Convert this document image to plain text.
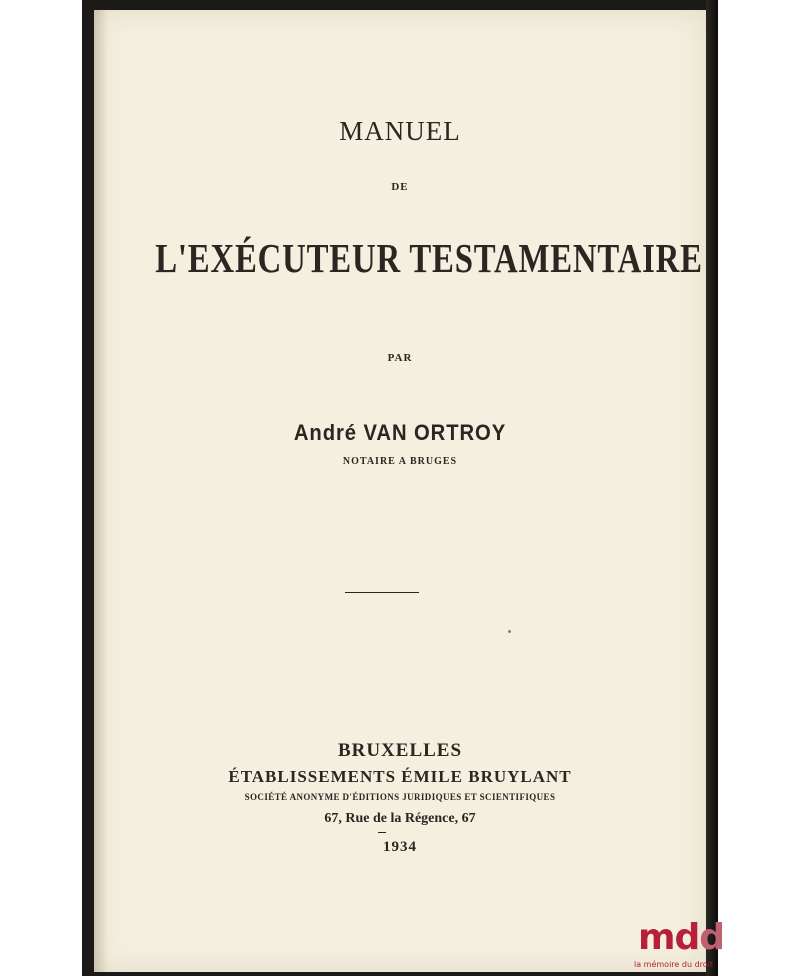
MANUEL
DE
L'EXÉCUTEUR TESTAMENTAIRE
PAR
André VAN ORTROY
NOTAIRE A BRUGES
BRUXELLES
ÉTABLISSEMENTS ÉMILE BRUYLANT
SOCIÉTÉ ANONYME D'ÉDITIONS JURIDIQUES ET SCIENTIFIQUES
67, Rue de la Régence, 67
1934
mdd
la mémoire du droit
